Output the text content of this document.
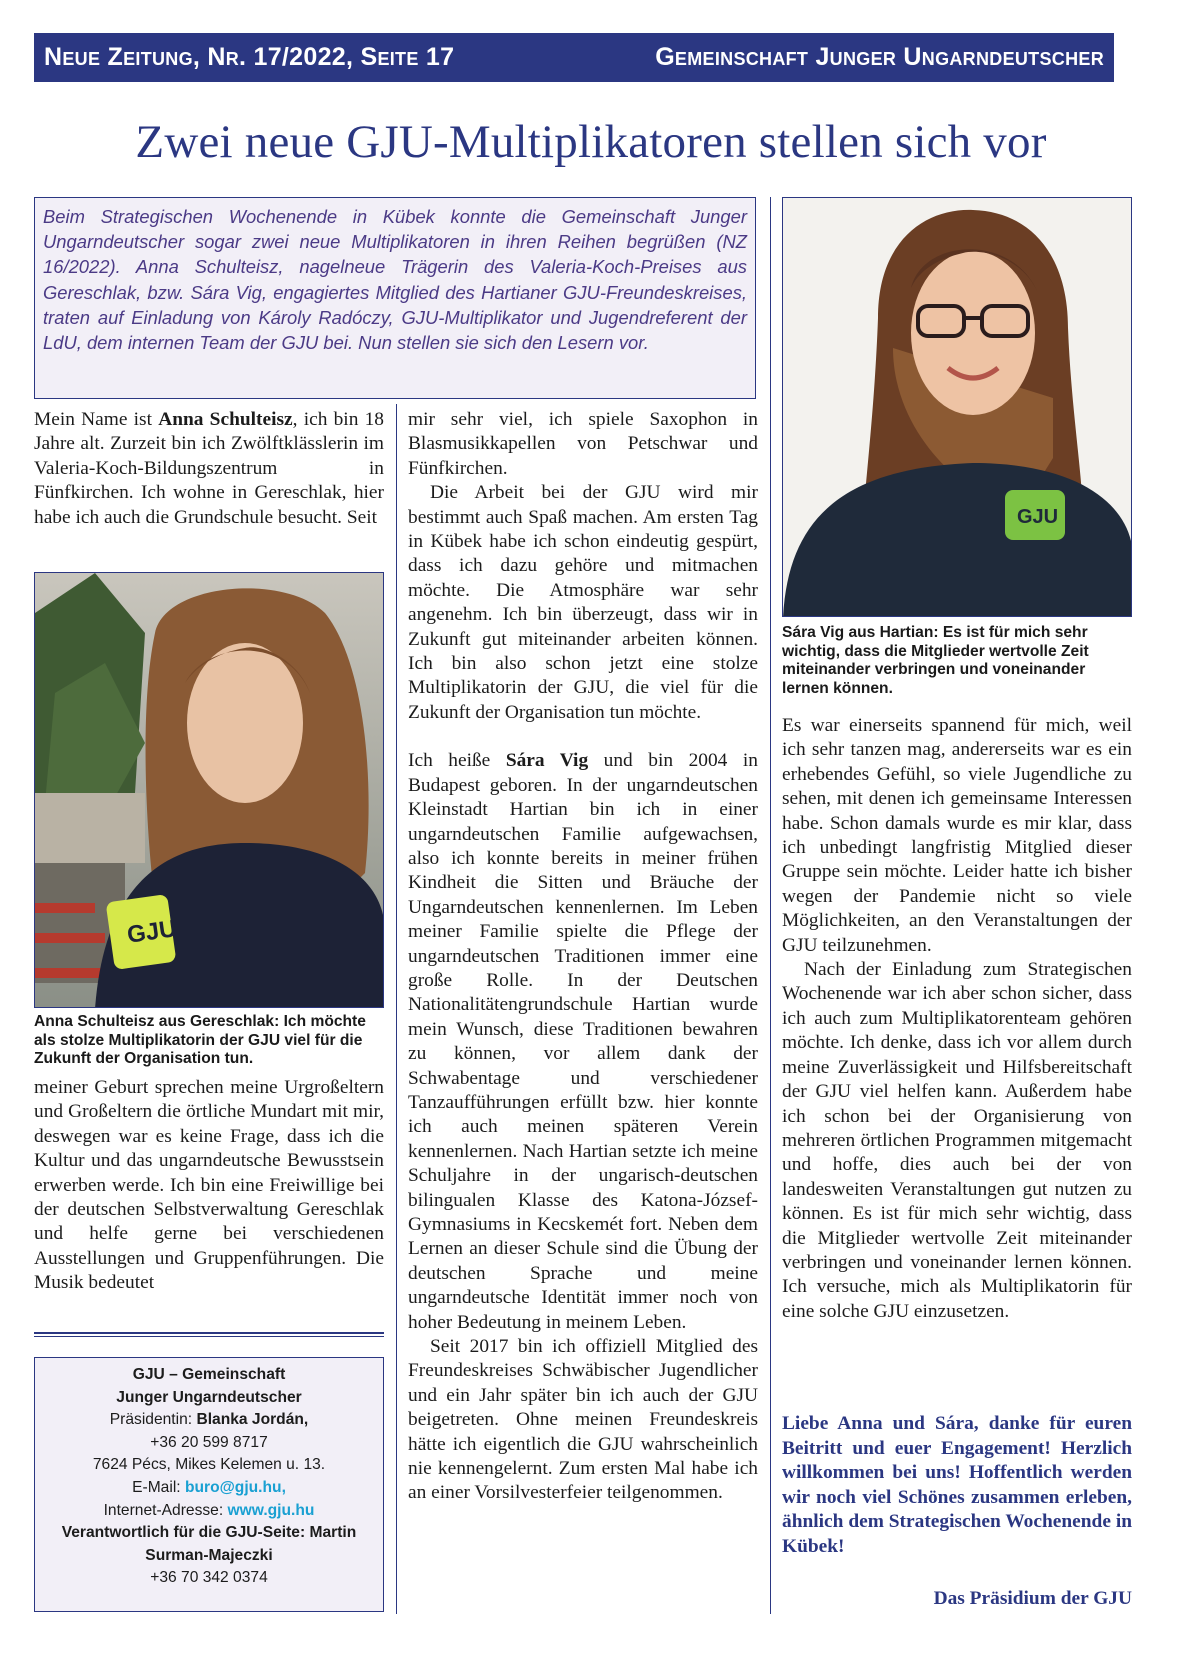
Neue Zeitung, Nr. 17/2022, Seite 17	Gemeinschaft Junger Ungarndeutscher
Zwei neue GJU-Multiplikatoren stellen sich vor
Beim Strategischen Wochenende in Kübek konnte die Gemeinschaft Junger Ungarndeutscher sogar zwei neue Multiplikatoren in ihren Reihen begrüßen (NZ 16/2022). Anna Schulteisz, nagelneue Trägerin des Valeria-Koch-Preises aus Gereschlak, bzw. Sára Vig, engagiertes Mitglied des Hartianer GJU-Freundeskreises, traten auf Einladung von Károly Radóczy, GJU-Multiplikator und Jugendreferent der LdU, dem internen Team der GJU bei. Nun stellen sie sich den Lesern vor.

Mein Name ist Anna Schulteisz, ich bin 18 Jahre alt. Zurzeit bin ich Zwölftklässlerin im Valeria-Koch-Bildungszentrum in Fünfkirchen. Ich wohne in Gereschlak, hier habe ich auch die Grundschule besucht. Seit

GJU
Anna Schulteisz aus Gereschlak: Ich möchte als stolze Multiplikatorin der GJU viel für die Zukunft der Organisation tun.

meiner Geburt sprechen meine Urgroßeltern und Großeltern die örtliche Mundart mit mir, deswegen war es keine Frage, dass ich die Kultur und das ungarndeutsche Bewusstsein erwerben werde. Ich bin eine Freiwillige bei der deutschen Selbstverwaltung Gereschlak und helfe gerne bei verschiedenen Ausstellungen und Gruppenführungen. Die Musik bedeutet

GJU – Gemeinschaft
Junger Ungarndeutscher
Präsidentin: Blanka Jordán,
+36 20 599 8717
7624 Pécs, Mikes Kelemen u. 13.
E-Mail: buro@gju.hu,
Internet-Adresse: www.gju.hu
Verantwortlich für die GJU-Seite: Martin Surman-Majeczki
+36 70 342 0374

mir sehr viel, ich spiele Saxophon in Blasmusikkapellen von Petschwar und Fünfkirchen.

Die Arbeit bei der GJU wird mir bestimmt auch Spaß machen. Am ersten Tag in Kübek habe ich schon eindeutig gespürt, dass ich dazu gehöre und mitmachen möchte. Die Atmosphäre war sehr angenehm. Ich bin überzeugt, dass wir in Zukunft gut miteinander arbeiten können. Ich bin also schon jetzt eine stolze Multiplikatorin der GJU, die viel für die Zukunft der Organisation tun möchte.

Ich heiße Sára Vig und bin 2004 in Budapest geboren. In der ungarndeutschen Kleinstadt Hartian bin ich in einer ungarndeutschen Familie aufgewachsen, also ich konnte bereits in meiner frühen Kindheit die Sitten und Bräuche der Ungarndeutschen kennenlernen. Im Leben meiner Familie spielte die Pflege der ungarndeutschen Traditionen immer eine große Rolle. In der Deutschen Nationalitätengrundschule Hartian wurde mein Wunsch, diese Traditionen bewahren zu können, vor allem dank der Schwabentage und verschiedener Tanzaufführungen erfüllt bzw. hier konnte ich auch meinen späteren Verein kennenlernen. Nach Hartian setzte ich meine Schuljahre in der ungarisch-deutschen bilingualen Klasse des Katona-József-Gymnasiums in Kecskemét fort. Neben dem Lernen an dieser Schule sind die Übung der deutschen Sprache und meine ungarndeutsche Identität immer noch von hoher Bedeutung in meinem Leben.

Seit 2017 bin ich offiziell Mitglied des Freundeskreises Schwäbischer Jugendlicher und ein Jahr später bin ich auch der GJU beigetreten. Ohne meinen Freundeskreis hätte ich eigentlich die GJU wahrscheinlich nie kennengelernt. Zum ersten Mal habe ich an einer Vorsilvesterfeier teilgenommen.

GJU
Sára Vig aus Hartian: Es ist für mich sehr wichtig, dass die Mitglieder wertvolle Zeit miteinander verbringen und voneinander lernen können.

Es war einerseits spannend für mich, weil ich sehr tanzen mag, andererseits war es ein erhebendes Gefühl, so viele Jugendliche zu sehen, mit denen ich gemeinsame Interessen habe. Schon damals wurde es mir klar, dass ich unbedingt langfristig Mitglied dieser Gruppe sein möchte. Leider hatte ich bisher wegen der Pandemie nicht so viele Möglichkeiten, an den Veranstaltungen der GJU teilzunehmen.

Nach der Einladung zum Strategischen Wochenende war ich aber schon sicher, dass ich auch zum Multiplikatorenteam gehören möchte. Ich denke, dass ich vor allem durch meine Zuverlässigkeit und Hilfsbereitschaft der GJU viel helfen kann. Außerdem habe ich schon bei der Organisierung von mehreren örtlichen Programmen mitgemacht und hoffe, dies auch bei der von landesweiten Veranstaltungen gut nutzen zu können. Es ist für mich sehr wichtig, dass die Mitglieder wertvolle Zeit miteinander verbringen und voneinander lernen können. Ich versuche, mich als Multiplikatorin für eine solche GJU einzusetzen.

Liebe Anna und Sára, danke für euren Beitritt und euer Engagement! Herzlich willkommen bei uns! Hoffentlich werden wir noch viel Schönes zusammen erleben, ähnlich dem Strategischen Wochenende in Kübek!
Das Präsidium der GJU
